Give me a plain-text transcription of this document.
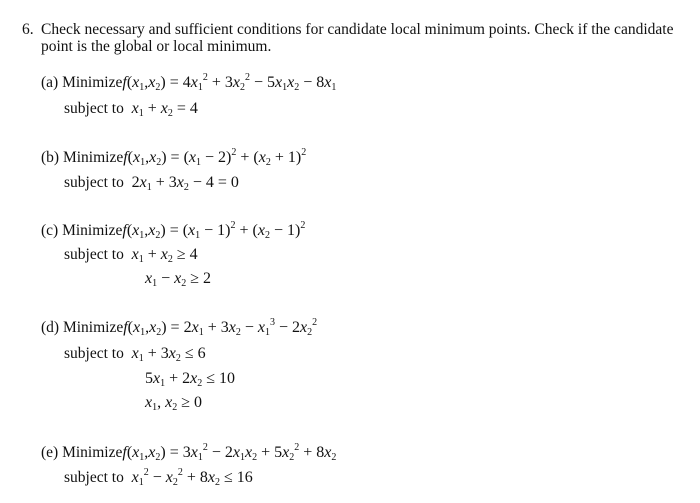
6. Check necessary and sufficient conditions for candidate local minimum points. Check if the candidate
point is the global or local minimum.
(a) $Minimizef(x_1,x_2) = 4x_1^2 + 3x_2^2 - 5x_1x_2 - 8x_1$
subject to $x_1 + x_2 = 4$
(b) $Minimizef(x_1,x_2) = (x_1 - 2)^2 + (x_2 + 1)^2$
subject to $2x_1 + 3x_2 - 4 = 0$
(c) $Minimizef(x_1,x_2) = (x_1 - 1)^2 + (x_2 - 1)^2$
subject to $x_1 + x_2 \ge 4$
$x_1 - x_2 \ge 2$
(d) $Minimizef(x_1,x_2) = 2x_1 + 3x_2 - x_1^3 - 2x_2^2$
subject to $x_1 + 3x_2 \le 6$
$5x_1 + 2x_2 \le 10$
$x_1$, $x_2 \ge 0$
(e) $Minimizef(x_1,x_2) = 3x_1^2 - 2x_1x_2 + 5x_2^2 + 8x_2$
subject to $x_1^2 - x_2^2 + 8x_2 \le 16$
